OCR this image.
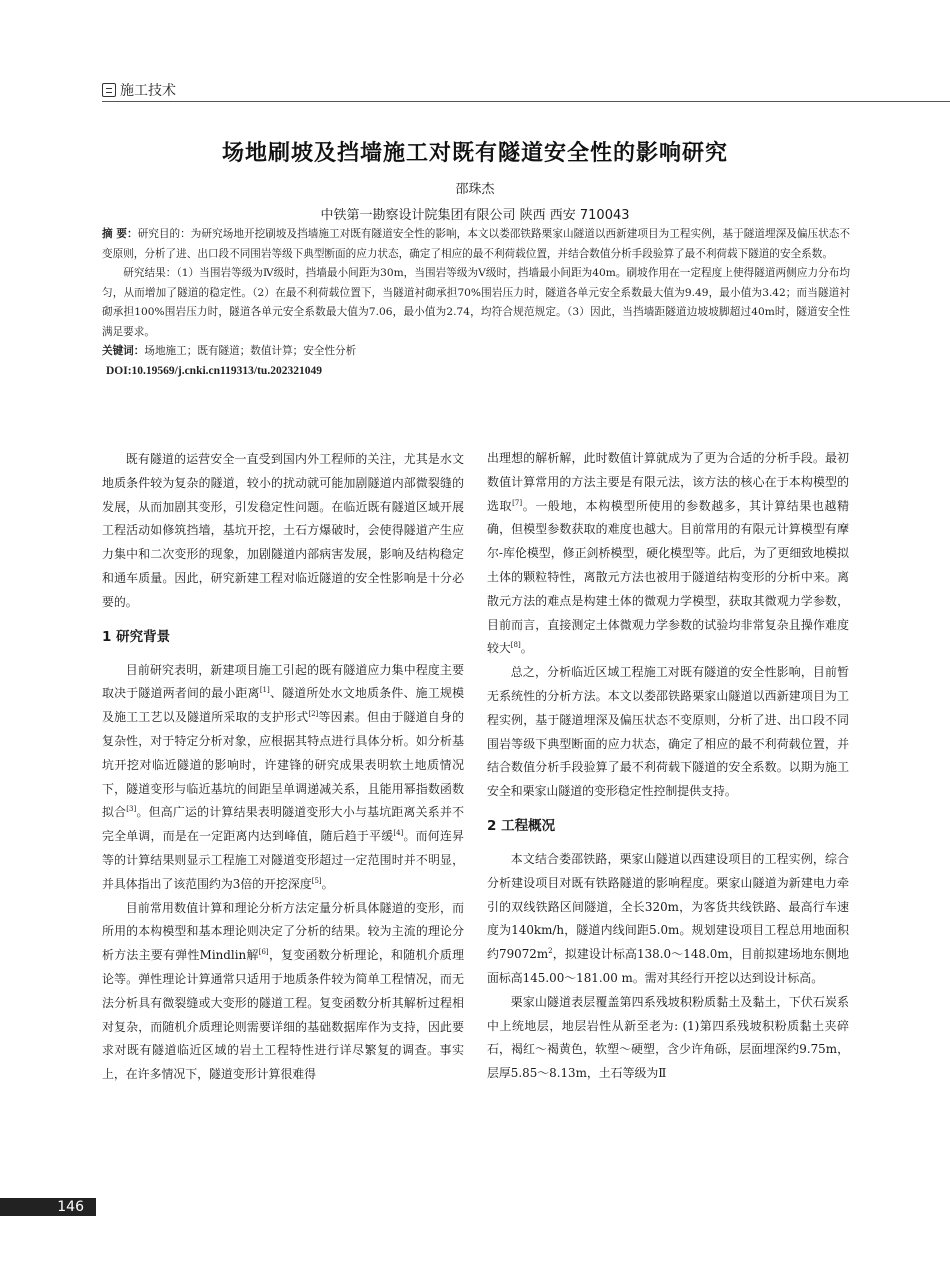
施工技术
场地刷坡及挡墙施工对既有隧道安全性的影响研究
邵珠杰
中铁第一勘察设计院集团有限公司 陕西 西安 710043

摘 要：研究目的：为研究场地开挖刷坡及挡墙施工对既有隧道安全性的影响，本文以娄邵铁路栗家山隧道以西新建项目为工程实例，基于隧道埋深及偏压状态不变原则，分析了进、出口段不同围岩等级下典型断面的应力状态，确定了相应的最不利荷载位置，并结合数值分析手段验算了最不利荷载下隧道的安全系数。

研究结果：（1）当围岩等级为Ⅳ级时，挡墙最小间距为30m，当围岩等级为Ⅴ级时，挡墙最小间距为40m。刷坡作用在一定程度上使得隧道两侧应力分布均匀，从而增加了隧道的稳定性。（2）在最不利荷载位置下，当隧道衬砌承担70%围岩压力时，隧道各单元安全系数最大值为9.49，最小值为3.42；而当隧道衬砌承担100%围岩压力时，隧道各单元安全系数最大值为7.06，最小值为2.74，均符合规范规定。（3）因此，当挡墙距隧道边坡坡脚超过40m时，隧道安全性满足要求。

关键词：场地施工；既有隧道；数值计算；安全性分析

DOI:10.19569/j.cnki.cn119313/tu.202321049

既有隧道的运营安全一直受到国内外工程师的关注，尤其是水文地质条件较为复杂的隧道，较小的扰动就可能加剧隧道内部微裂缝的发展，从而加剧其变形，引发稳定性问题。在临近既有隧道区域开展工程活动如修筑挡墙，基坑开挖，土石方爆破时，会使得隧道产生应力集中和二次变形的现象，加剧隧道内部病害发展，影响及结构稳定和通车质量。因此，研究新建工程对临近隧道的安全性影响是十分必要的。

1 研究背景

目前研究表明，新建项目施工引起的既有隧道应力集中程度主要取决于隧道两者间的最小距离[1]、隧道所处水文地质条件、施工规模及施工工艺以及隧道所采取的支护形式[2]等因素。但由于隧道自身的复杂性，对于特定分析对象，应根据其特点进行具体分析。如分析基坑开挖对临近隧道的影响时，许建锋的研究成果表明软土地质情况下，隧道变形与临近基坑的间距呈单调递减关系，且能用幂指数函数拟合[3]。但高广运的计算结果表明隧道变形大小与基坑距离关系并不完全单调，而是在一定距离内达到峰值，随后趋于平缓[4]。而何连昇等的计算结果则显示工程施工对隧道变形超过一定范围时并不明显，并具体指出了该范围约为3倍的开挖深度[5]。

目前常用数值计算和理论分析方法定量分析具体隧道的变形，而所用的本构模型和基本理论则决定了分析的结果。较为主流的理论分析方法主要有弹性Mindlin解[6]，复变函数分析理论，和随机介质理论等。弹性理论计算通常只适用于地质条件较为简单工程情况，而无法分析具有微裂缝或大变形的隧道工程。复变函数分析其解析过程相对复杂，而随机介质理论则需要详细的基础数据库作为支持，因此要求对既有隧道临近区域的岩土工程特性进行详尽繁复的调查。事实上，在许多情况下，隧道变形计算很难得

出理想的解析解，此时数值计算就成为了更为合适的分析手段。最初数值计算常用的方法主要是有限元法，该方法的核心在于本构模型的选取[7]。一般地，本构模型所使用的参数越多，其计算结果也越精确，但模型参数获取的难度也越大。目前常用的有限元计算模型有摩尔-库伦模型，修正剑桥模型，硬化模型等。此后，为了更细致地模拟土体的颗粒特性，离散元方法也被用于隧道结构变形的分析中来。离散元方法的难点是构建土体的微观力学模型，获取其微观力学参数，目前而言，直接测定土体微观力学参数的试验均非常复杂且操作难度较大[8]。

总之，分析临近区域工程施工对既有隧道的安全性影响，目前暂无系统性的分析方法。本文以娄邵铁路栗家山隧道以西新建项目为工程实例，基于隧道埋深及偏压状态不变原则，分析了进、出口段不同围岩等级下典型断面的应力状态，确定了相应的最不利荷载位置，并结合数值分析手段验算了最不利荷载下隧道的安全系数。以期为施工安全和栗家山隧道的变形稳定性控制提供支持。

2 工程概况

本文结合娄邵铁路，栗家山隧道以西建设项目的工程实例，综合分析建设项目对既有铁路隧道的影响程度。栗家山隧道为新建电力牵引的双线铁路区间隧道，全长320m，为客货共线铁路、最高行车速度为140km/h，隧道内线间距5.0m。规划建设项目工程总用地面积约79072m$^2$，拟建设计标高138.0～148.0m，目前拟建场地东侧地面标高145.00～181.00 m。需对其经行开挖以达到设计标高。

栗家山隧道表层覆盖第四系残坡积粉质黏土及黏土，下伏石炭系中上统地层，地层岩性从新至老为: (1)第四系残坡积粉质黏土夹碎石，褐红～褐黄色，软塑～硬塑，含少许角砾，层面埋深约9.75m，层厚5.85～8.13m，土石等级为Ⅱ

146
